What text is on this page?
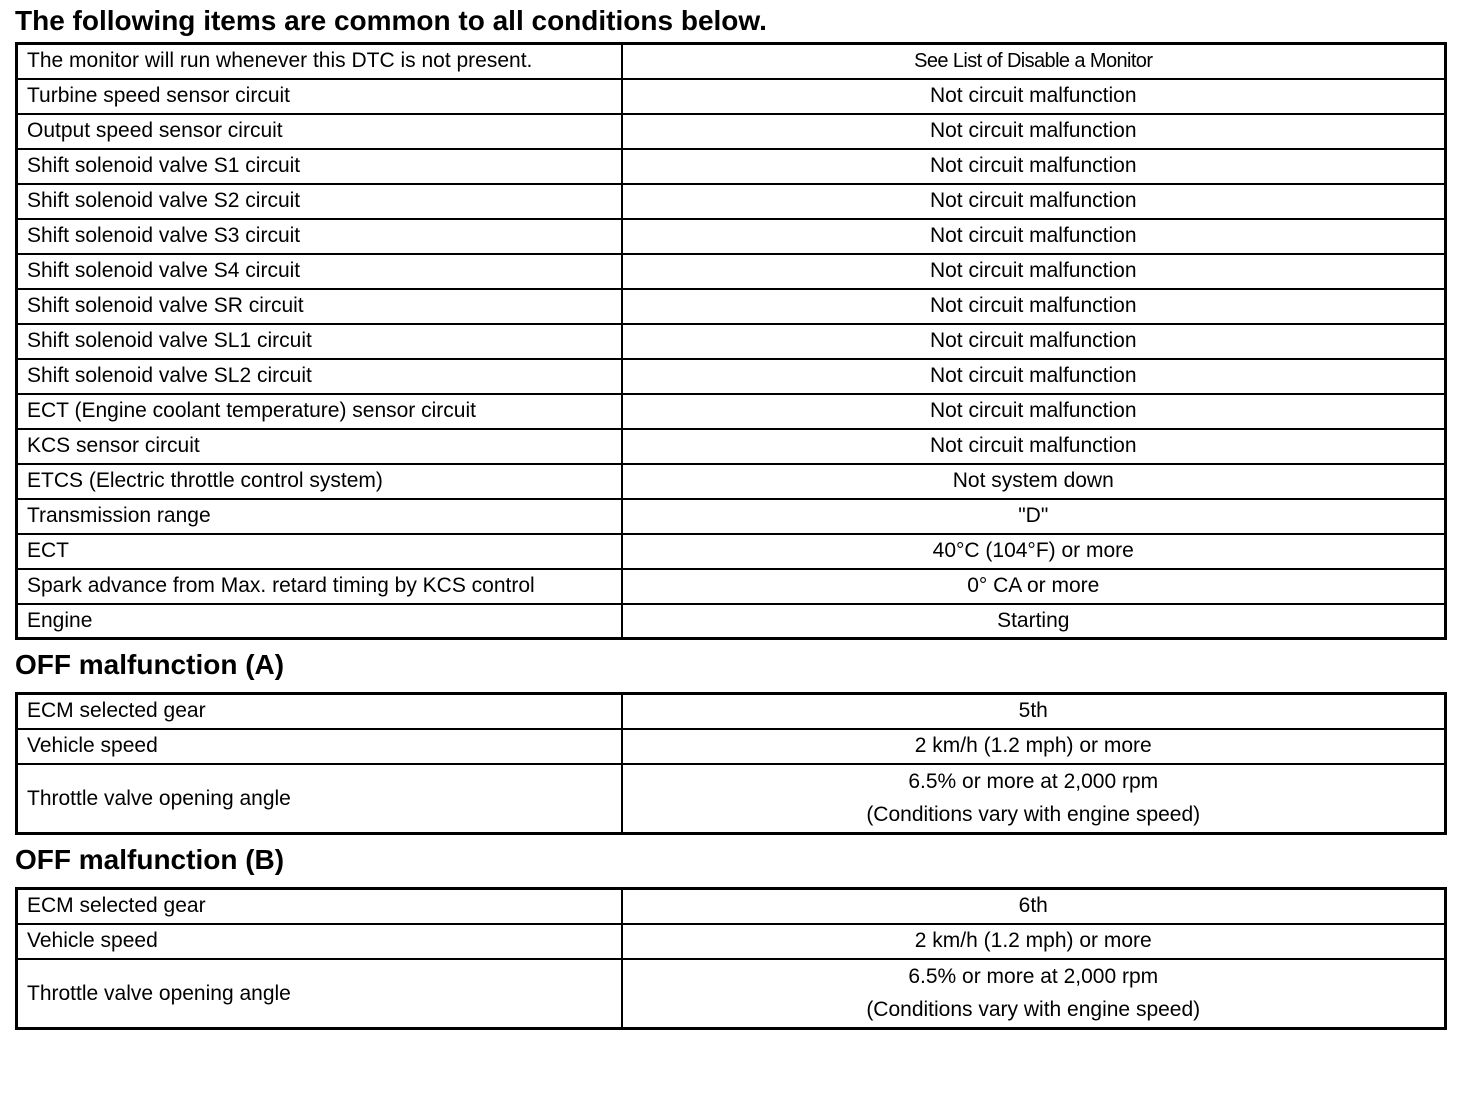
The following items are common to all conditions below.
The monitor will run whenever this DTC is not present.	See List of Disable a Monitor
Turbine speed sensor circuit	Not circuit malfunction
Output speed sensor circuit	Not circuit malfunction
Shift solenoid valve S1 circuit	Not circuit malfunction
Shift solenoid valve S2 circuit	Not circuit malfunction
Shift solenoid valve S3 circuit	Not circuit malfunction
Shift solenoid valve S4 circuit	Not circuit malfunction
Shift solenoid valve SR circuit	Not circuit malfunction
Shift solenoid valve SL1 circuit	Not circuit malfunction
Shift solenoid valve SL2 circuit	Not circuit malfunction
ECT (Engine coolant temperature) sensor circuit	Not circuit malfunction
KCS sensor circuit	Not circuit malfunction
ETCS (Electric throttle control system)	Not system down
Transmission range	"D"
ECT	40°C (104°F) or more
Spark advance from Max. retard timing by KCS control	0° CA or more
Engine	Starting
OFF malfunction (A)
ECM selected gear	5th
Vehicle speed	2 km/h (1.2 mph) or more
Throttle valve opening angle	6.5% or more at 2,000 rpm
(Conditions vary with engine speed)
OFF malfunction (B)
ECM selected gear	6th
Vehicle speed	2 km/h (1.2 mph) or more
Throttle valve opening angle	6.5% or more at 2,000 rpm
(Conditions vary with engine speed)
